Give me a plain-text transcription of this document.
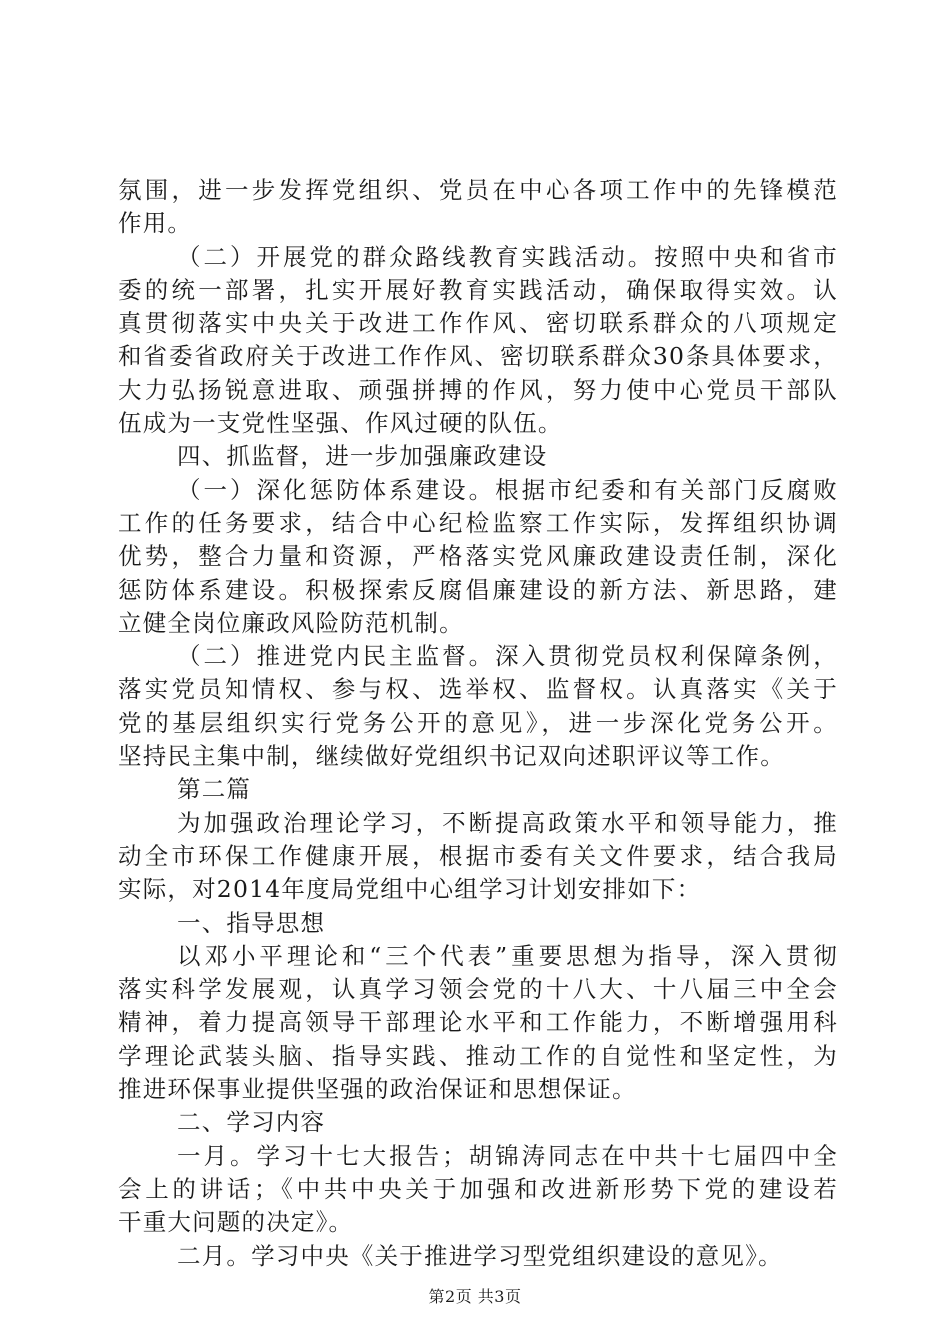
氛围，进一步发挥党组织、党员在中心各项工作中的先锋模范
作用。
（二）开展党的群众路线教育实践活动。按照中央和省市
委的统一部署，扎实开展好教育实践活动，确保取得实效。认
真贯彻落实中央关于改进工作作风、密切联系群众的八项规定
和省委省政府关于改进工作作风、密切联系群众30条具体要求，
大力弘扬锐意进取、顽强拼搏的作风，努力使中心党员干部队
伍成为一支党性坚强、作风过硬的队伍。
四、抓监督，进一步加强廉政建设
（一）深化惩防体系建设。根据市纪委和有关部门反腐败
工作的任务要求，结合中心纪检监察工作实际，发挥组织协调
优势，整合力量和资源，严格落实党风廉政建设责任制，深化
惩防体系建设。积极探索反腐倡廉建设的新方法、新思路，建
立健全岗位廉政风险防范机制。
（二）推进党内民主监督。深入贯彻党员权利保障条例，
落实党员知情权、参与权、选举权、监督权。认真落实《关于
党的基层组织实行党务公开的意见》，进一步深化党务公开。
坚持民主集中制，继续做好党组织书记双向述职评议等工作。
第二篇
为加强政治理论学习，不断提高政策水平和领导能力，推
动全市环保工作健康开展，根据市委有关文件要求，结合我局
实际，对2014年度局党组中心组学习计划安排如下：
一、指导思想
以邓小平理论和“三个代表”重要思想为指导，深入贯彻
落实科学发展观，认真学习领会党的十八大、十八届三中全会
精神，着力提高领导干部理论水平和工作能力，不断增强用科
学理论武装头脑、指导实践、推动工作的自觉性和坚定性，为
推进环保事业提供坚强的政治保证和思想保证。
二、学习内容
一月。学习十七大报告；胡锦涛同志在中共十七届四中全
会上的讲话；《中共中央关于加强和改进新形势下党的建设若
干重大问题的决定》。
二月。学习中央《关于推进学习型党组织建设的意见》。
第2页 共3页
